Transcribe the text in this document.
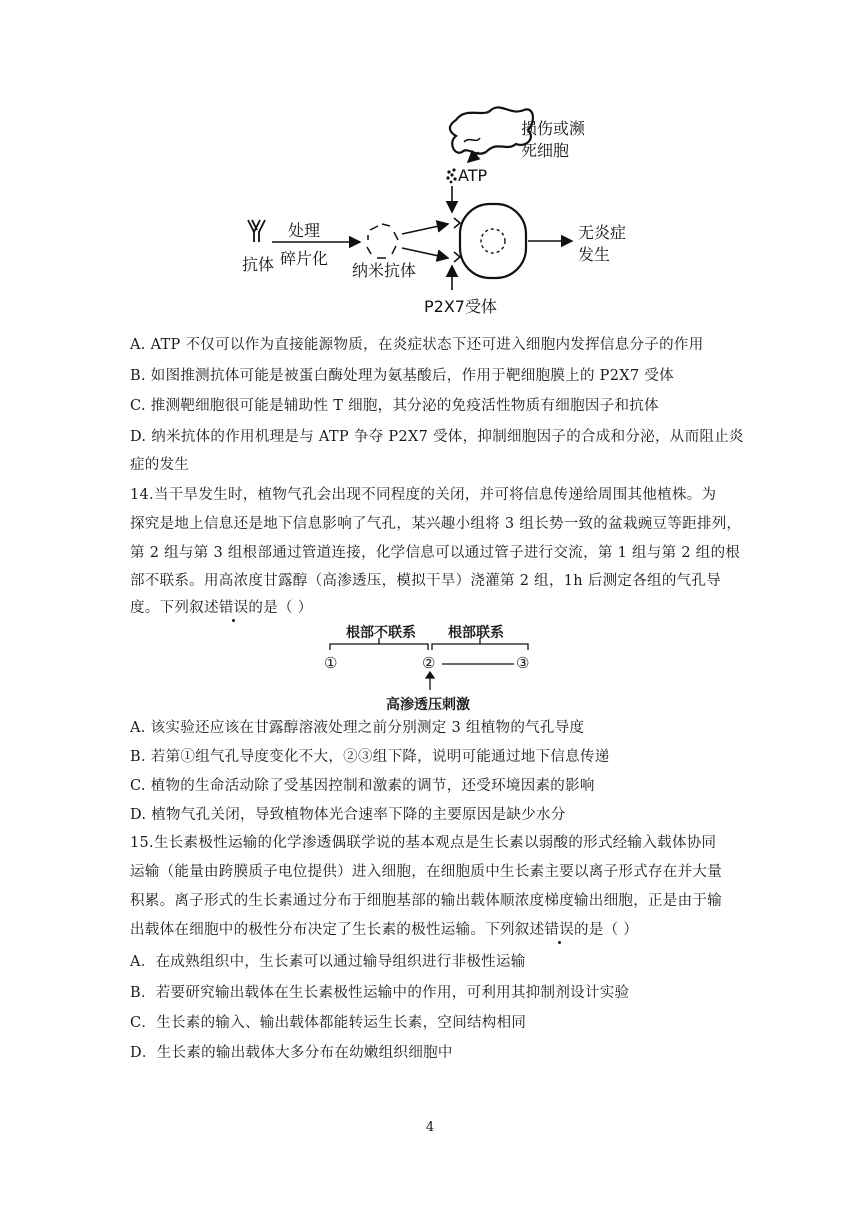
损伤或濒
死细胞
ATP
处理
碎片化
抗体	纳米抗体
P2X7受体
无炎症
发生
A. ATP 不仅可以作为直接能源物质，在炎症状态下还可进入细胞内发挥信息分子的作用
B. 如图推测抗体可能是被蛋白酶处理为氨基酸后，作用于靶细胞膜上的 P2X7 受体
C. 推测靶细胞很可能是辅助性 T 细胞，其分泌的免疫活性物质有细胞因子和抗体
D. 纳米抗体的作用机理是与 ATP 争夺 P2X7 受体，抑制细胞因子的合成和分泌，从而阻止炎
症的发生
14.当干旱发生时，植物气孔会出现不同程度的关闭，并可将信息传递给周围其他植株。为
探究是地上信息还是地下信息影响了气孔，某兴趣小组将 3 组长势一致的盆栽豌豆等距排列，
第 2 组与第 3 组根部通过管道连接，化学信息可以通过管子进行交流，第 1 组与第 2 组的根
部不联系。用高浓度甘露醇（高渗透压，模拟干旱）浇灌第 2 组，1h 后测定各组的气孔导
度。下列叙述错误的是（ ）
根部不联系 根部联系
①	②	③
高渗透压刺激
A. 该实验还应该在甘露醇溶液处理之前分别测定 3 组植物的气孔导度
B. 若第①组气孔导度变化不大，②③组下降，说明可能通过地下信息传递
C. 植物的生命活动除了受基因控制和激素的调节，还受环境因素的影响
D. 植物气孔关闭，导致植物体光合速率下降的主要原因是缺少水分
15.生长素极性运输的化学渗透偶联学说的基本观点是生长素以弱酸的形式经输入载体协同
运输（能量由跨膜质子电位提供）进入细胞，在细胞质中生长素主要以离子形式存在并大量
积累。离子形式的生长素通过分布于细胞基部的输出载体顺浓度梯度输出细胞，正是由于输
出载体在细胞中的极性分布决定了生长素的极性运输。下列叙述错误的是（ ）
A．在成熟组织中，生长素可以通过输导组织进行非极性运输
B．若要研究输出载体在生长素极性运输中的作用，可利用其抑制剂设计实验
C．生长素的输入、输出载体都能转运生长素，空间结构相同
D．生长素的输出载体大多分布在幼嫩组织细胞中
4
